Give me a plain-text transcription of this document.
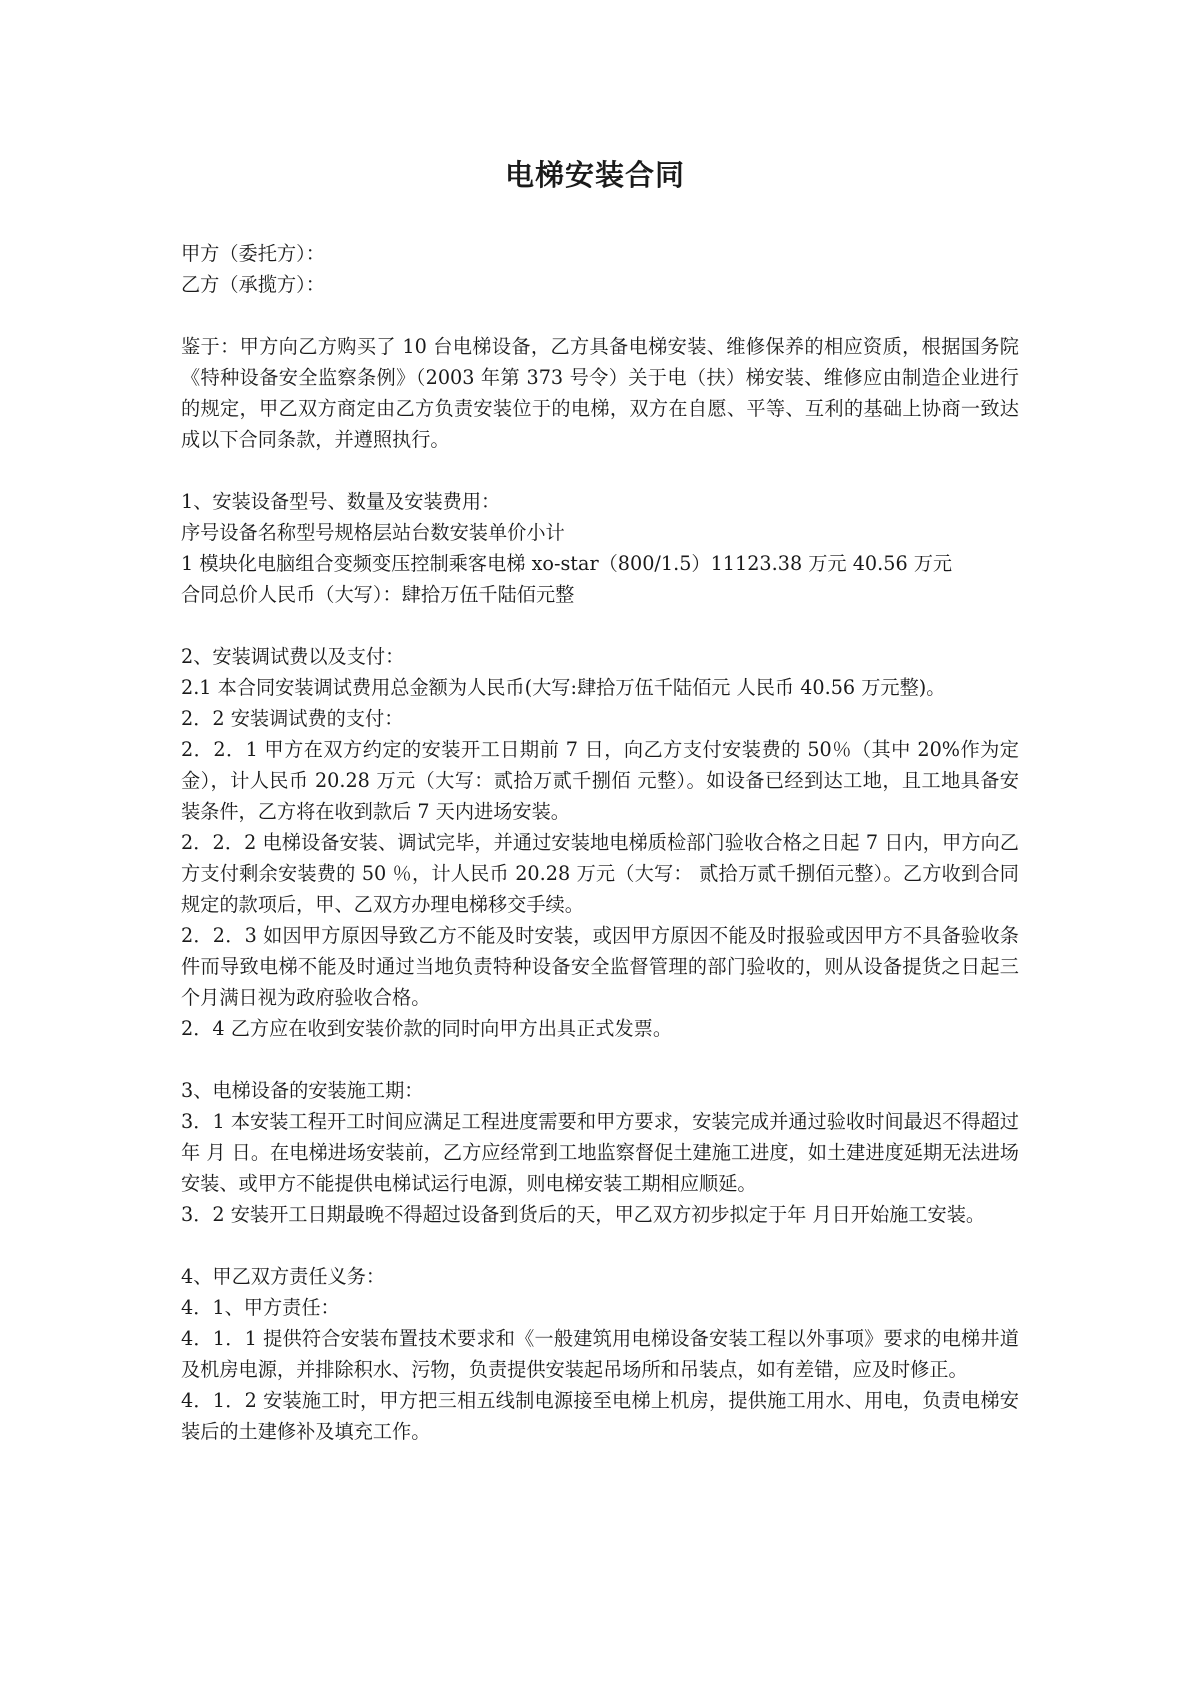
电梯安装合同
甲方（委托方）：
乙方（承揽方）：
鉴于：甲方向乙方购买了 10 台电梯设备，乙方具备电梯安装、维修保养的相应资质，根据国务院《特种设备安全监察条例》（2003 年第 373 号令）关于电（扶）梯安装、维修应由制造企业进行的规定，甲乙双方商定由乙方负责安装位于的电梯，双方在自愿、平等、互利的基础上协商一致达成以下合同条款，并遵照执行。
1、安装设备型号、数量及安装费用：
序号设备名称型号规格层站台数安装单价小计
1 模块化电脑组合变频变压控制乘客电梯 xo-star（800/1.5）11123.38 万元 40.56 万元
合同总价人民币（大写）：肆拾万伍千陆佰元整
2、安装调试费以及支付：
2.1 本合同安装调试费用总金额为人民币(大写:肆拾万伍千陆佰元 人民币 40.56 万元整)。
2．2 安装调试费的支付：
2．2．1 甲方在双方约定的安装开工日期前 7 日，向乙方支付安装费的 50％（其中 20%作为定金），计人民币 20.28 万元（大写：贰拾万贰千捌佰 元整）。如设备已经到达工地，且工地具备安装条件，乙方将在收到款后 7 天内进场安装。
2．2．2 电梯设备安装、调试完毕，并通过安装地电梯质检部门验收合格之日起 7 日内，甲方向乙方支付剩余安装费的 50 ％，计人民币 20.28 万元（大写： 贰拾万贰千捌佰元整）。乙方收到合同规定的款项后，甲、乙双方办理电梯移交手续。
2．2．3 如因甲方原因导致乙方不能及时安装，或因甲方原因不能及时报验或因甲方不具备验收条件而导致电梯不能及时通过当地负责特种设备安全监督管理的部门验收的，则从设备提货之日起三个月满日视为政府验收合格。
2．4 乙方应在收到安装价款的同时向甲方出具正式发票。
3、电梯设备的安装施工期：
3．1 本安装工程开工时间应满足工程进度需要和甲方要求，安装完成并通过验收时间最迟不得超过 年 月 日。在电梯进场安装前，乙方应经常到工地监察督促土建施工进度，如土建进度延期无法进场安装、或甲方不能提供电梯试运行电源，则电梯安装工期相应顺延。
3．2 安装开工日期最晚不得超过设备到货后的天，甲乙双方初步拟定于年 月日开始施工安装。
4、甲乙双方责任义务：
4．1、甲方责任：
4．1．1 提供符合安装布置技术要求和《一般建筑用电梯设备安装工程以外事项》要求的电梯井道及机房电源，并排除积水、污物，负责提供安装起吊场所和吊装点，如有差错，应及时修正。
4．1．2 安装施工时，甲方把三相五线制电源接至电梯上机房，提供施工用水、用电，负责电梯安装后的土建修补及填充工作。
